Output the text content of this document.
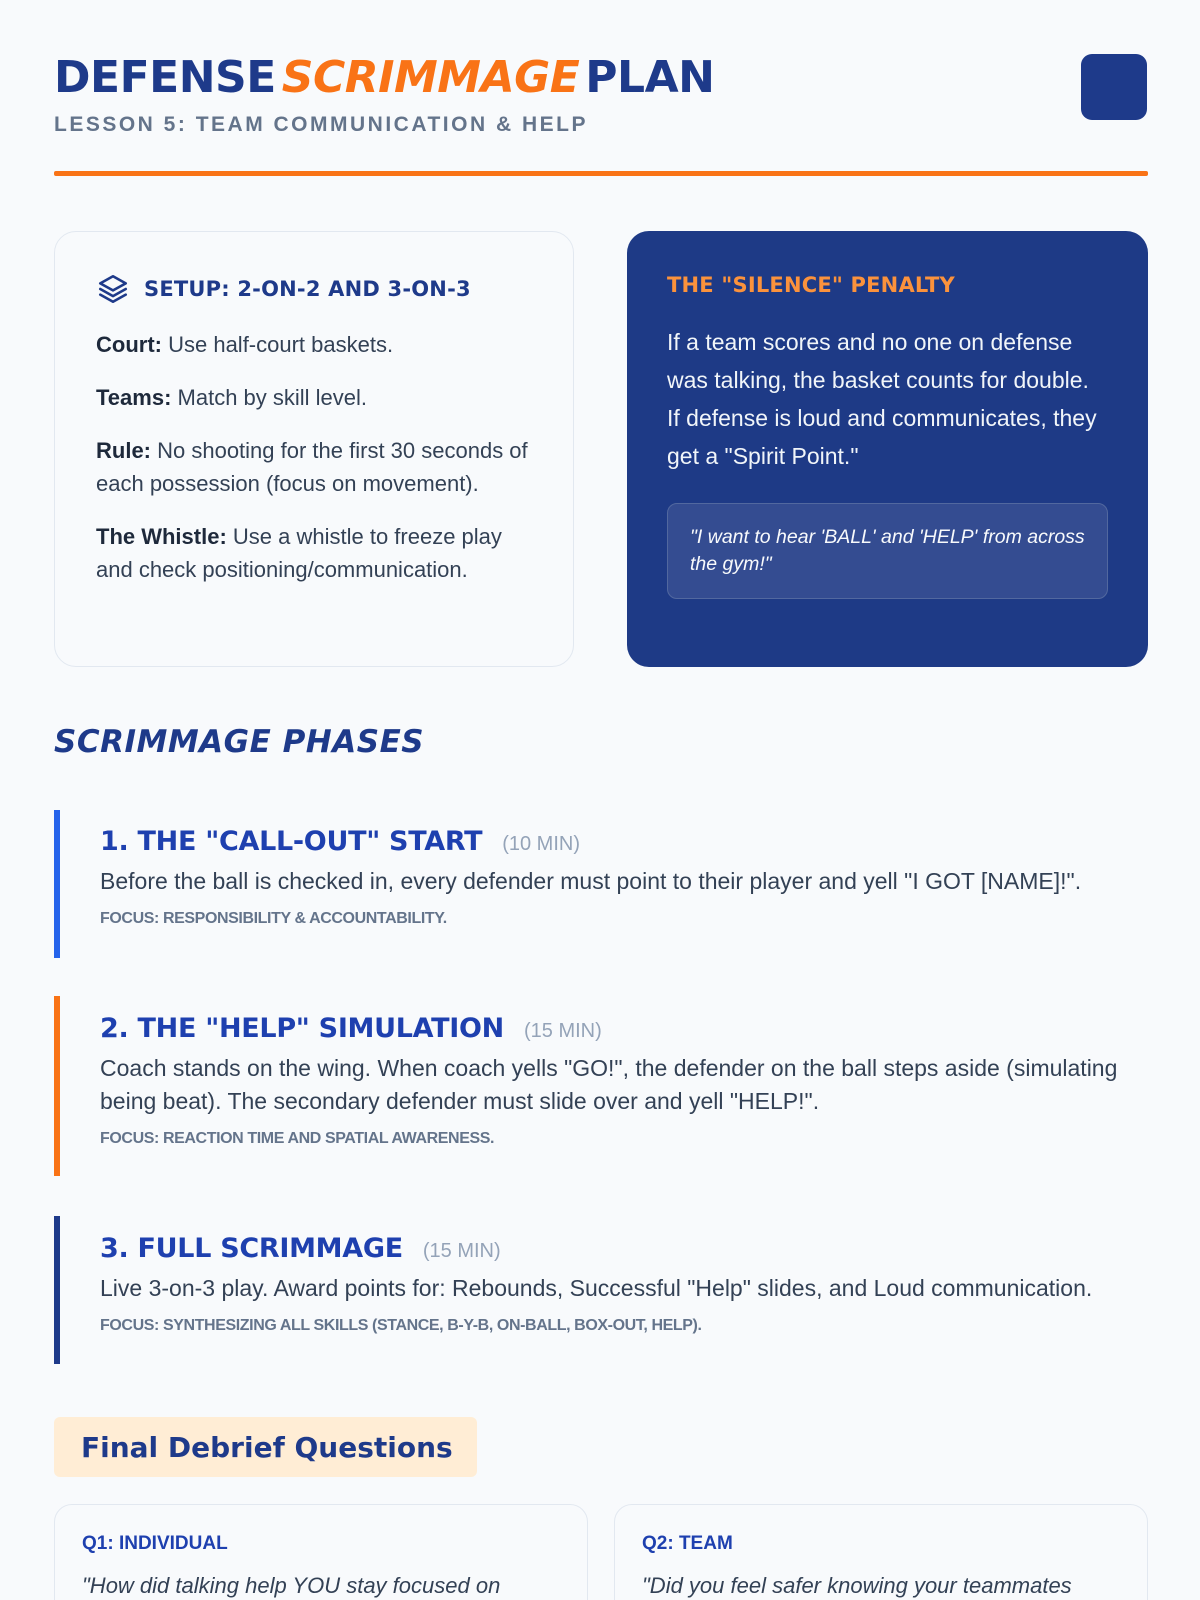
DEFENSE SCRIMMAGE PLAN
LESSON 5: TEAM COMMUNICATION & HELP
SETUP: 2-ON-2 AND 3-ON-3

Court: Use half-court baskets.

Teams: Match by skill level.

Rule: No shooting for the first 30 seconds of each possession (focus on movement).

The Whistle: Use a whistle to freeze play and check positioning/communication.

THE "SILENCE" PENALTY

If a team scores and no one on defense was talking, the basket counts for double. If defense is loud and communicates, they get a "Spirit Point."

"I want to hear 'BALL' and 'HELP' from across the gym!"
SCRIMMAGE PHASES
1. THE "CALL-OUT" START (10 MIN)

Before the ball is checked in, every defender must point to their player and yell "I GOT [NAME]!".

FOCUS: RESPONSIBILITY & ACCOUNTABILITY.

2. THE "HELP" SIMULATION (15 MIN)

Coach stands on the wing. When coach yells "GO!", the defender on the ball steps aside (simulating being beat). The secondary defender must slide over and yell "HELP!".

FOCUS: REACTION TIME AND SPATIAL AWARENESS.

3. FULL SCRIMMAGE (15 MIN)

Live 3-on-3 play. Award points for: Rebounds, Successful "Help" slides, and Loud communication.

FOCUS: SYNTHESIZING ALL SKILLS (STANCE, B-Y-B, ON-BALL, BOX-OUT, HELP).

Final Debrief Questions
Q1: INDIVIDUAL

"How did talking help YOU stay focused on

Q2: TEAM

"Did you feel safer knowing your teammates
